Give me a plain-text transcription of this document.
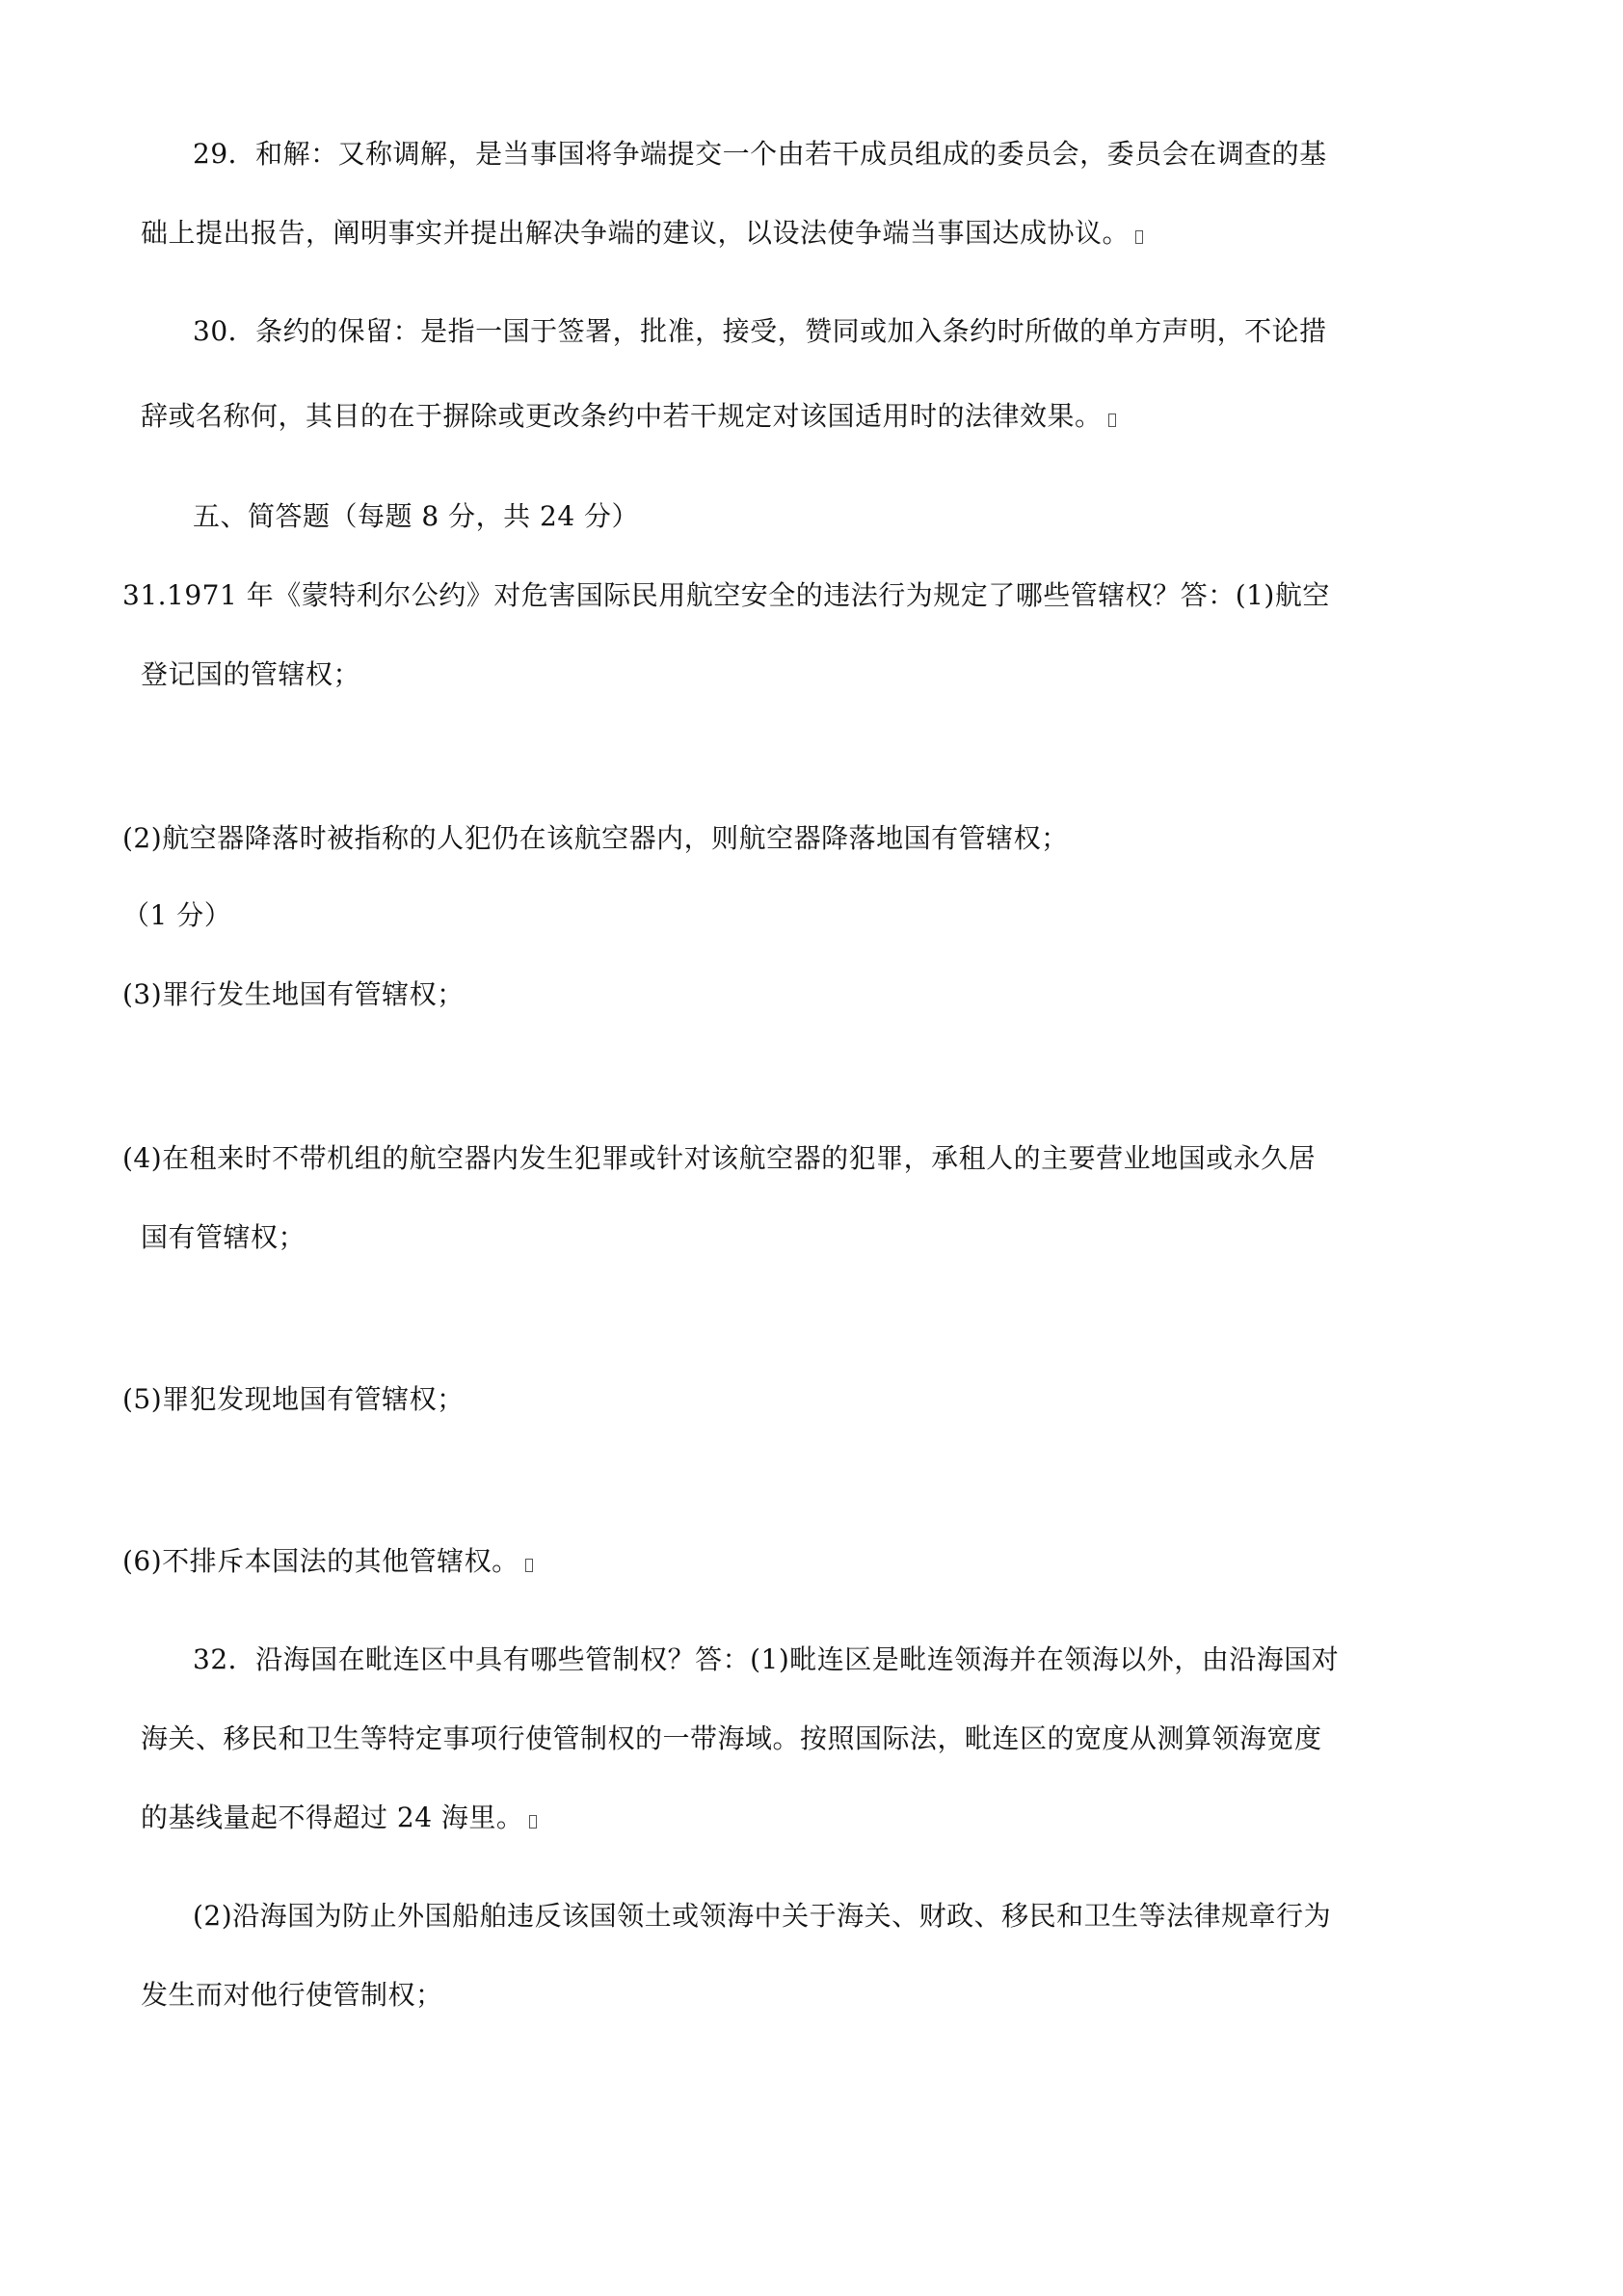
29．和解：又称调解，是当事国将争端提交一个由若干成员组成的委员会，委员会在调查的基
础上提出报告，阐明事实并提出解决争端的建议，以设法使争端当事国达成协议。
30．条约的保留：是指一国于签署，批准，接受，赞同或加入条约时所做的单方声明，不论措
辞或名称何，其目的在于摒除或更改条约中若干规定对该国适用时的法律效果。
五、简答题（每题 8 分，共 24 分）
31.1971 年《蒙特利尔公约》对危害国际民用航空安全的违法行为规定了哪些管辖权？答：(1)航空
登记国的管辖权；
(2)航空器降落时被指称的人犯仍在该航空器内，则航空器降落地国有管辖权；
（1 分）
(3)罪行发生地国有管辖权；
(4)在租来时不带机组的航空器内发生犯罪或针对该航空器的犯罪，承租人的主要营业地国或永久居
国有管辖权；
(5)罪犯发现地国有管辖权；
(6)不排斥本国法的其他管辖权。
32．沿海国在毗连区中具有哪些管制权？答：(1)毗连区是毗连领海并在领海以外，由沿海国对
海关、移民和卫生等特定事项行使管制权的一带海域。按照国际法，毗连区的宽度从测算领海宽度
的基线量起不得超过 24 海里。
(2)沿海国为防止外国船舶违反该国领土或领海中关于海关、财政、移民和卫生等法律规章行为
发生而对他行使管制权；
